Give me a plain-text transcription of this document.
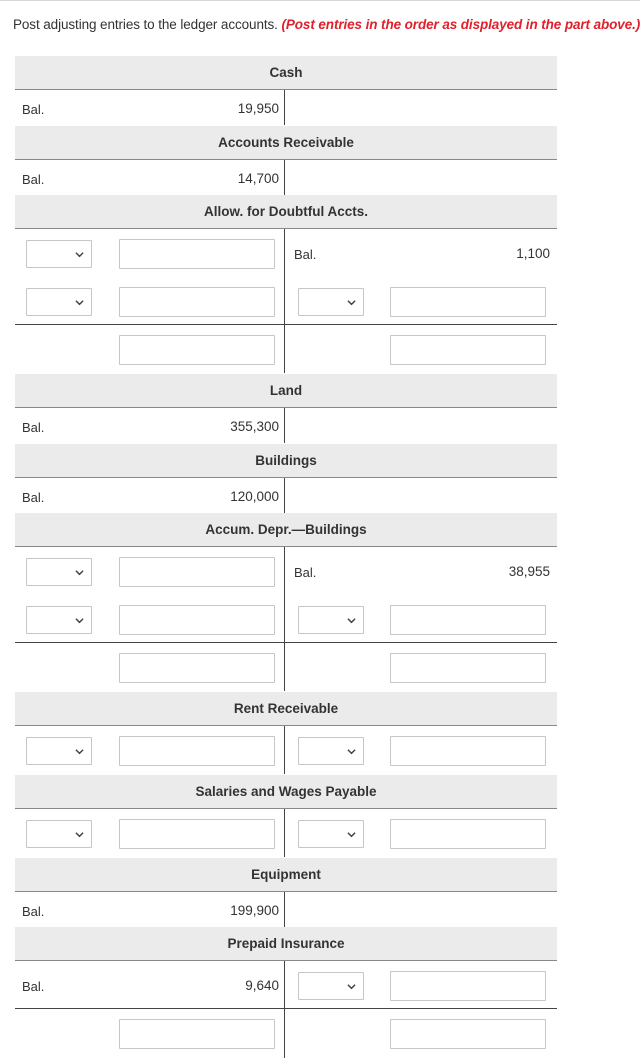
Post adjusting entries to the ledger accounts. (Post entries in the order as displayed in the part above.)
Cash
Bal.	19,950
Accounts Receivable
Bal.	14,700
Allow. for Doubtful Accts.
Bal.	1,100
Land
Bal.	355,300
Buildings
Bal.	120,000
Accum. Depr.—Buildings
Bal.	38,955
Rent Receivable
Salaries and Wages Payable
Equipment
Bal.	199,900
Prepaid Insurance
Bal.	9,640
